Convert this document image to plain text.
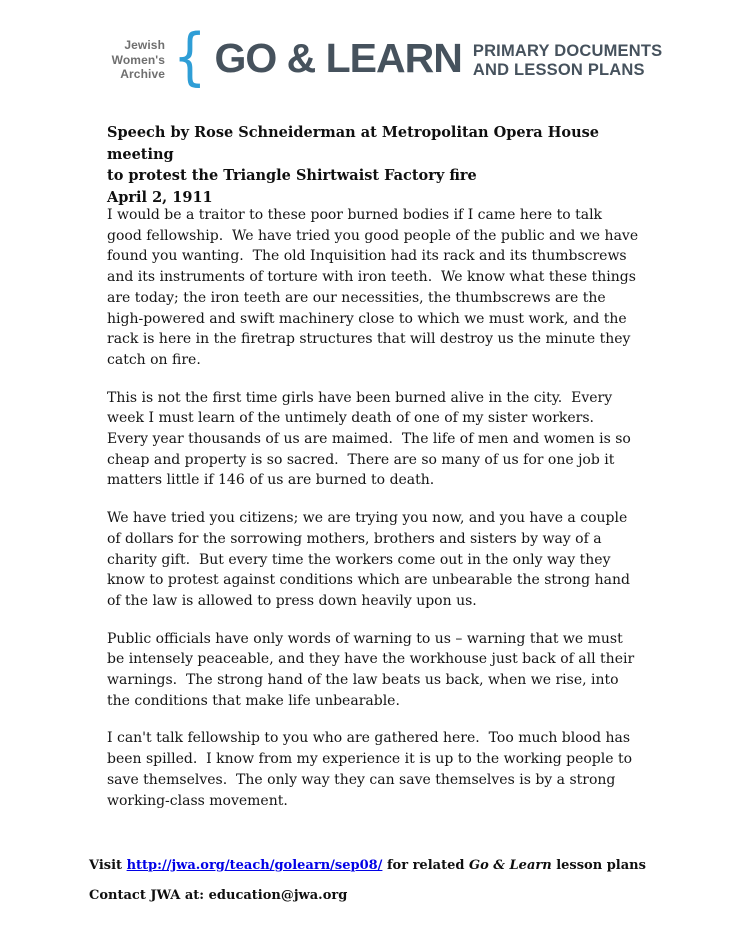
Jewish
Women's
Archive { GO & LEARN PRIMARY DOCUMENTS
AND LESSON PLANS
Speech by Rose Schneiderman at Metropolitan Opera House meeting
to protest the Triangle Shirtwaist Factory fire
April 2, 1911

I would be a traitor to these poor burned bodies if I came here to talk good fellowship.  We have tried you good people of the public and we have found you wanting.  The old Inquisition had its rack and its thumbscrews and its instruments of torture with iron teeth.  We know what these things are today; the iron teeth are our necessities, the thumbscrews are the high-powered and swift machinery close to which we must work, and the rack is here in the firetrap structures that will destroy us the minute they catch on fire.

This is not the first time girls have been burned alive in the city.  Every week I must learn of the untimely death of one of my sister workers.  Every year thousands of us are maimed.  The life of men and women is so cheap and property is so sacred.  There are so many of us for one job it matters little if 146 of us are burned to death.

We have tried you citizens; we are trying you now, and you have a couple of dollars for the sorrowing mothers, brothers and sisters by way of a charity gift.  But every time the workers come out in the only way they know to protest against conditions which are unbearable the strong hand of the law is allowed to press down heavily upon us.

Public officials have only words of warning to us – warning that we must be intensely peaceable, and they have the workhouse just back of all their warnings.  The strong hand of the law beats us back, when we rise, into the conditions that make life unbearable.

I can't talk fellowship to you who are gathered here.  Too much blood has been spilled.  I know from my experience it is up to the working people to save themselves.  The only way they can save themselves is by a strong working-class movement.

Visit http://jwa.org/teach/golearn/sep08/ for related Go & Learn lesson plans
Contact JWA at: education@jwa.org
